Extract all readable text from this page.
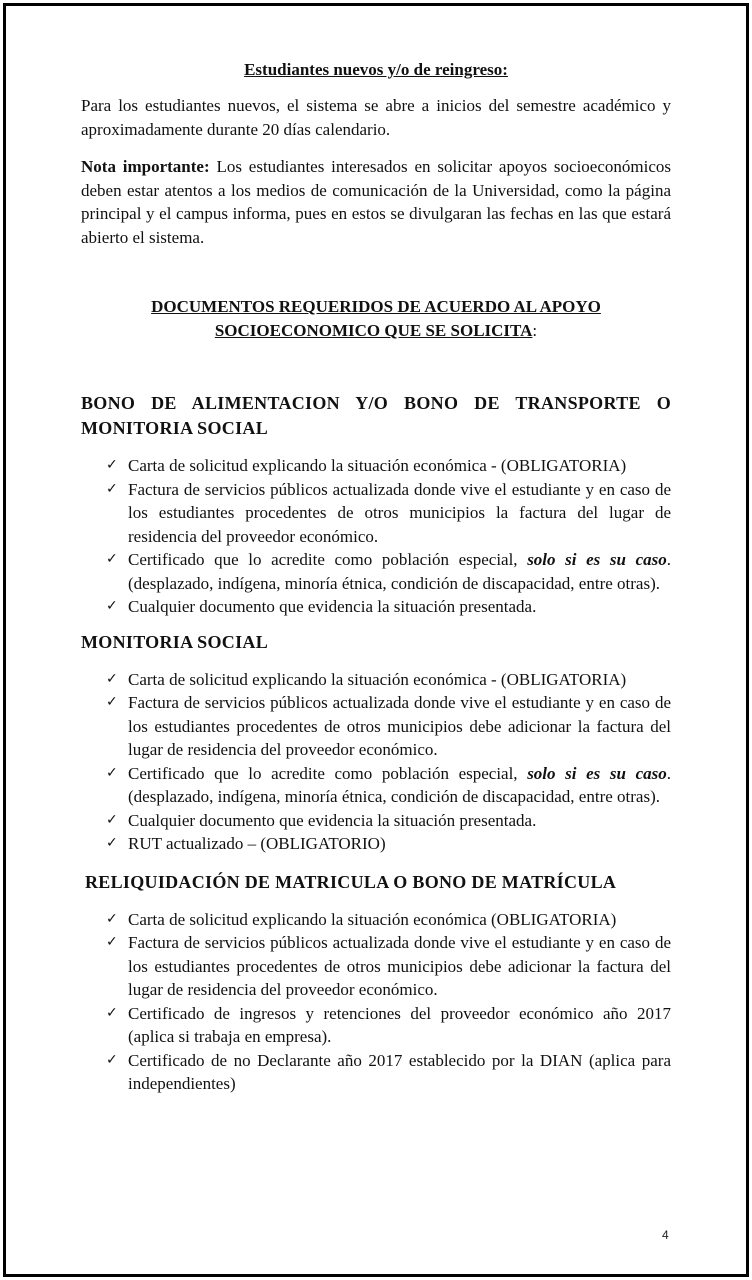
Estudiantes nuevos y/o de reingreso:

Para los estudiantes nuevos, el sistema se abre a inicios del semestre académico y aproximadamente durante 20 días calendario.

Nota importante: Los estudiantes interesados en solicitar apoyos socioeconómicos deben estar atentos a los medios de comunicación de la Universidad, como la página principal y el campus informa, pues en estos se divulgaran las fechas en las que estará abierto el sistema.

DOCUMENTOS REQUERIDOS DE ACUERDO AL APOYO
SOCIOECONOMICO QUE SE SOLICITA:
BONO DE ALIMENTACION Y/O BONO DE TRANSPORTE O MONITORIA SOCIAL
✓ Carta de solicitud explicando la situación económica - (OBLIGATORIA)
✓ Factura de servicios públicos actualizada donde vive el estudiante y en caso de los estudiantes procedentes de otros municipios la factura del lugar de residencia del proveedor económico.
✓ Certificado que lo acredite como población especial, solo si es su caso. (desplazado, indígena, minoría étnica, condición de discapacidad, entre otras).
✓ Cualquier documento que evidencia la situación presentada.
MONITORIA SOCIAL
✓ Carta de solicitud explicando la situación económica - (OBLIGATORIA)
✓ Factura de servicios públicos actualizada donde vive el estudiante y en caso de los estudiantes procedentes de otros municipios debe adicionar la factura del lugar de residencia del proveedor económico.
✓ Certificado que lo acredite como población especial, solo si es su caso. (desplazado, indígena, minoría étnica, condición de discapacidad, entre otras).
✓ Cualquier documento que evidencia la situación presentada.
✓ RUT actualizado – (OBLIGATORIO)
RELIQUIDACIÓN DE MATRICULA O BONO DE MATRÍCULA
✓ Carta de solicitud explicando la situación económica (OBLIGATORIA)
✓ Factura de servicios públicos actualizada donde vive el estudiante y en caso de los estudiantes procedentes de otros municipios debe adicionar la factura del lugar de residencia del proveedor económico.
✓ Certificado de ingresos y retenciones del proveedor económico año 2017 (aplica si trabaja en empresa).
✓ Certificado de no Declarante año 2017 establecido por la DIAN (aplica para independientes)
4
